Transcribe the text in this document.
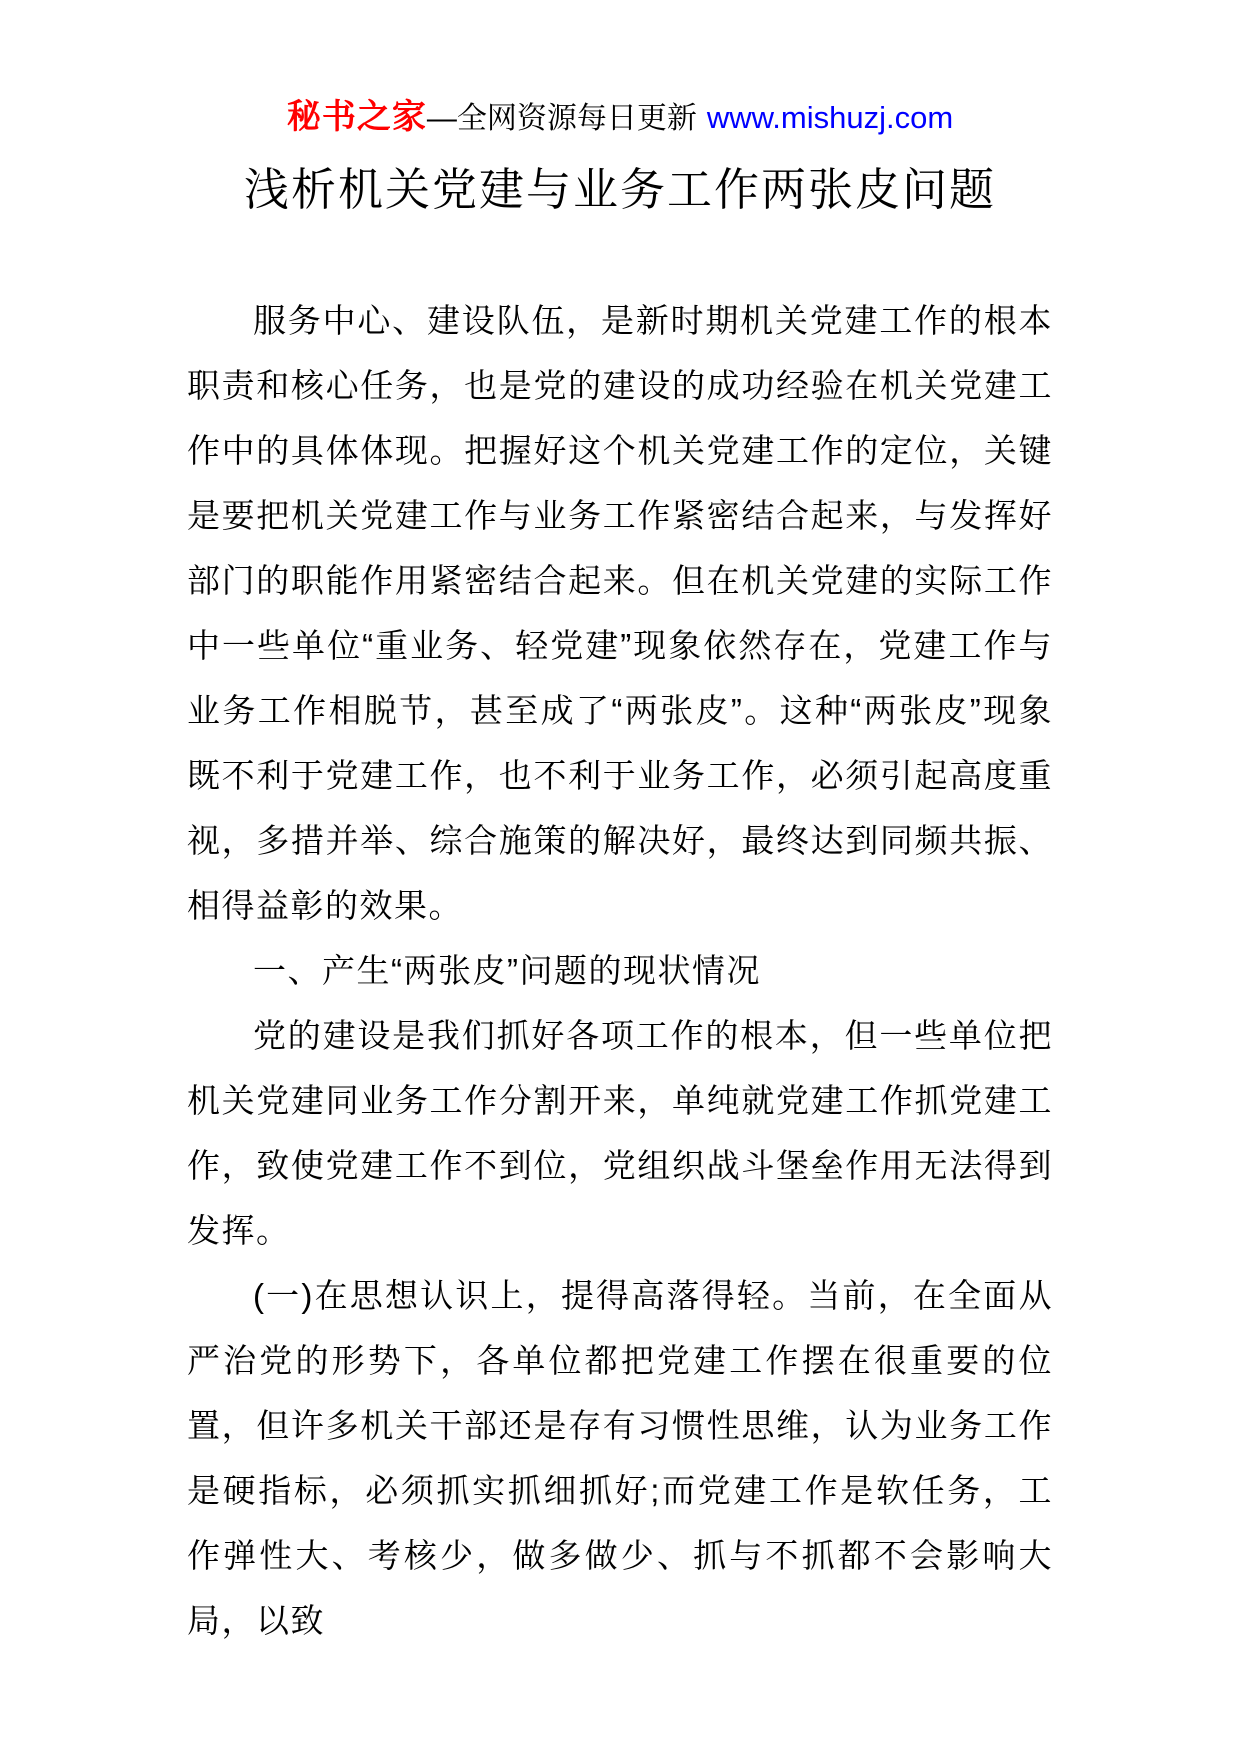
秘书之家—全网资源每日更新 www.mishuzj.com
浅析机关党建与业务工作两张皮问题

服务中心、建设队伍，是新时期机关党建工作的根本职责和核心任务，也是党的建设的成功经验在机关党建工作中的具体体现。把握好这个机关党建工作的定位，关键是要把机关党建工作与业务工作紧密结合起来，与发挥好部门的职能作用紧密结合起来。但在机关党建的实际工作中一些单位“重业务、轻党建”现象依然存在，党建工作与业务工作相脱节，甚至成了“两张皮”。这种“两张皮”现象既不利于党建工作，也不利于业务工作，必须引起高度重视，多措并举、综合施策的解决好，最终达到同频共振、相得益彰的效果。

一、产生“两张皮”问题的现状情况

党的建设是我们抓好各项工作的根本，但一些单位把机关党建同业务工作分割开来，单纯就党建工作抓党建工作，致使党建工作不到位，党组织战斗堡垒作用无法得到发挥。

(一)在思想认识上，提得高落得轻。当前，在全面从严治党的形势下，各单位都把党建工作摆在很重要的位置，但许多机关干部还是存有习惯性思维，认为业务工作是硬指标，必须抓实抓细抓好;而党建工作是软任务，工作弹性大、考核少，做多做少、抓与不抓都不会影响大局，以致
